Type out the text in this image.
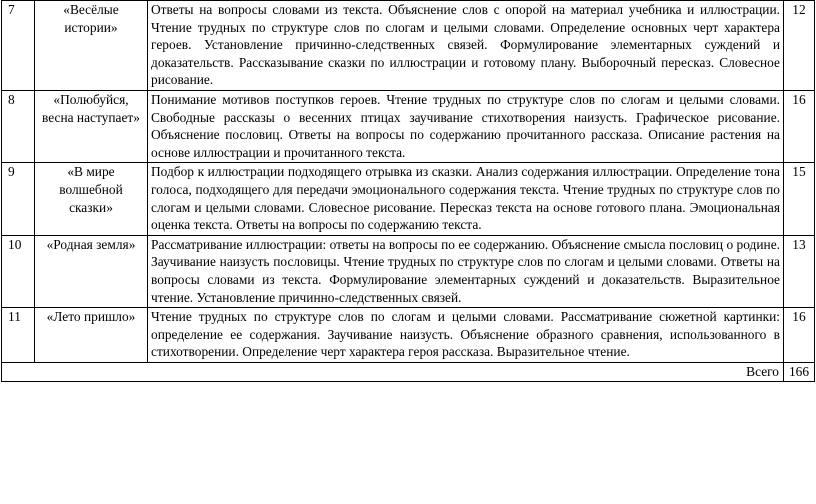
7	«Весёлые истории»	Ответы на вопросы словами из текста. Объяснение слов с опорой на материал учебника и иллюстрации. Чтение трудных по структуре слов по слогам и целыми словами. Определение основных черт характера героев. Установление причинно-следственных связей. Формулирование элементарных суждений и доказательств. Рассказывание сказки по иллюстрации и готовому плану. Выборочный пересказ. Словесное рисование.	12
8	«Полюбуйся, весна наступает»	Понимание мотивов поступков героев. Чтение трудных по структуре слов по слогам и целыми словами. Свободные рассказы о весенних птицах заучивание стихотворения наизусть. Графическое рисование. Объяснение пословиц. Ответы на вопросы по содержанию прочитанного рассказа. Описание растения на основе иллюстрации и прочитанного текста.	16
9	«В мире волшебной сказки»	Подбор к иллюстрации подходящего отрывка из сказки. Анализ содержания иллюстрации. Определение тона голоса, подходящего для передачи эмоционального содержания текста. Чтение трудных по структуре слов по слогам и целыми словами. Словесное рисование. Пересказ текста на основе готового плана. Эмоциональная оценка текста. Ответы на вопросы по содержанию текста.	15
10	«Родная земля»	Рассматривание иллюстрации: ответы на вопросы по ее содержанию. Объяснение смысла пословиц о родине. Заучивание наизусть пословицы. Чтение трудных по структуре слов по слогам и целыми словами. Ответы на вопросы словами из текста. Формулирование элементарных суждений и доказательств. Выразительное чтение. Установление причинно-следственных связей.	13
11	«Лето пришло»	Чтение трудных по структуре слов по слогам и целыми словами. Рассматривание сюжетной картинки: определение ее содержания. Заучивание наизусть. Объяснение образного сравнения, использованного в стихотворении. Определение черт характера героя рассказа. Выразительное чтение.	16
Всего			166
